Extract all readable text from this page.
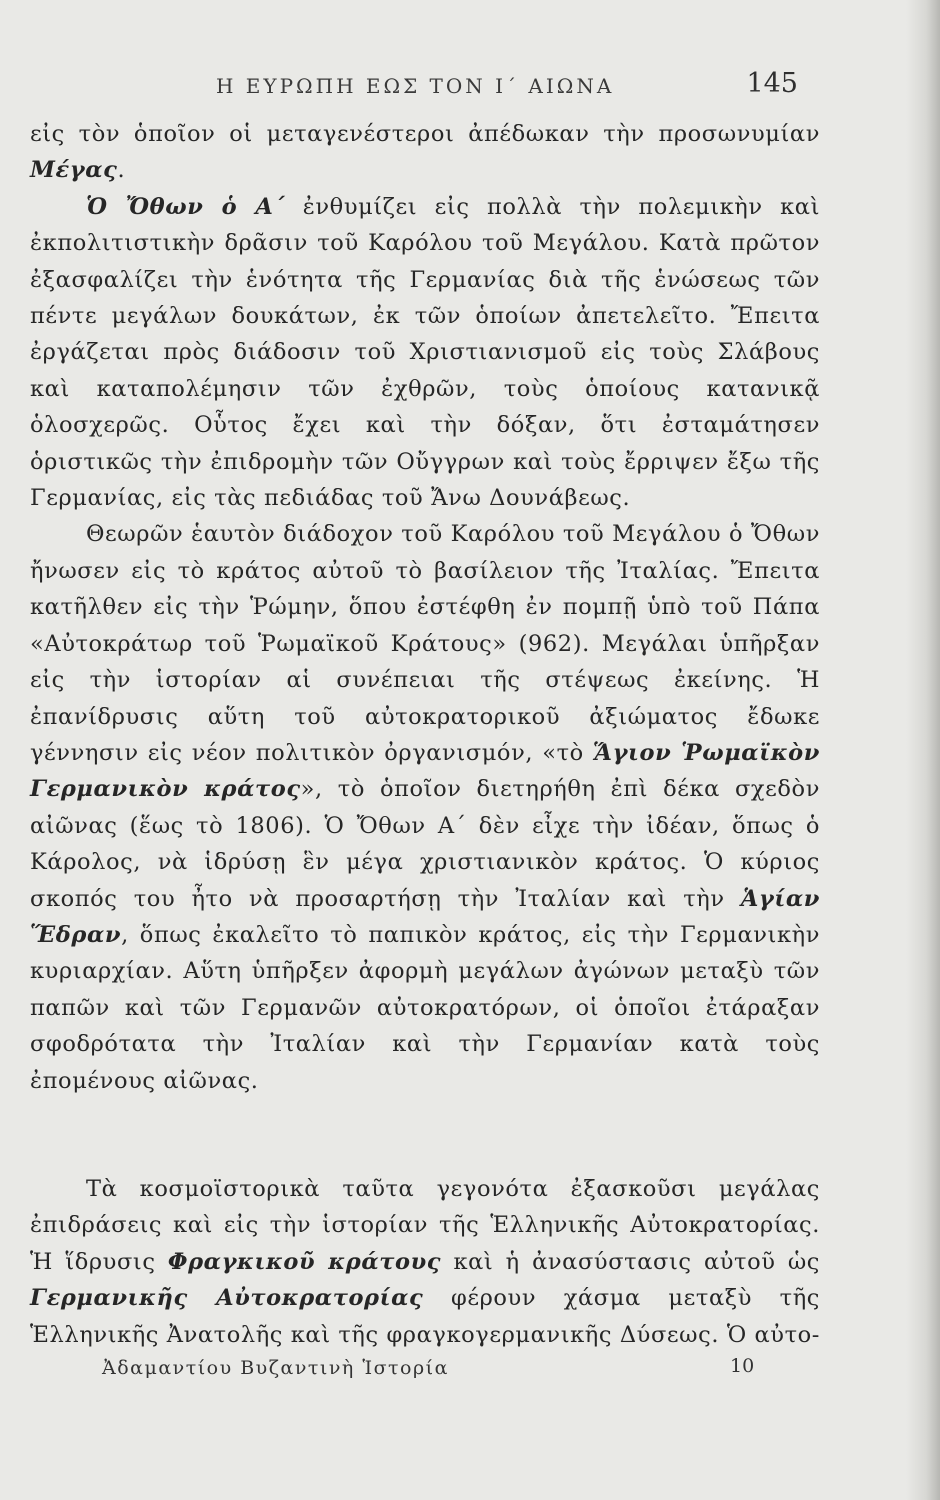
Η ΕΥΡΩΠΗ ΕΩΣ ΤΟΝ Ι΄ ΑΙΩΝΑ	145

εἰς τὸν ὁποῖον οἱ μεταγενέστεροι ἀπέδωκαν τὴν προσωνυμίαν Μέγας.

Ὁ Ὄθων ὁ Α΄ ἐνθυμίζει εἰς πολλὰ τὴν πολεμικὴν καὶ ἐκπολιτιστικὴν δρᾶσιν τοῦ Καρόλου τοῦ Μεγάλου. Κατὰ πρῶτον ἐξασφαλίζει τὴν ἑνότητα τῆς Γερμανίας διὰ τῆς ἑνώσεως τῶν πέντε μεγάλων δουκάτων, ἐκ τῶν ὁποίων ἀπετελεῖτο. Ἔπειτα ἐργάζεται πρὸς διάδοσιν τοῦ Χριστιανισμοῦ εἰς τοὺς Σλάβους καὶ καταπολέμησιν τῶν ἐχθρῶν, τοὺς ὁποίους κατανικᾷ ὁλοσχερῶς. Οὗτος ἔχει καὶ τὴν δόξαν, ὅτι ἐσταμάτησεν ὁριστικῶς τὴν ἐπιδρομὴν τῶν Οὔγγρων καὶ τοὺς ἔρριψεν ἔξω τῆς Γερμανίας, εἰς τὰς πεδιάδας τοῦ Ἄνω Δουνάβεως.

Θεωρῶν ἑαυτὸν διάδοχον τοῦ Καρόλου τοῦ Μεγάλου ὁ Ὄθων ἤνωσεν εἰς τὸ κράτος αὐτοῦ τὸ βασίλειον τῆς Ἰταλίας. Ἔπειτα κατῆλθεν εἰς τὴν Ῥώμην, ὅπου ἐστέφθη ἐν πομπῇ ὑπὸ τοῦ Πάπα «Αὐτοκράτωρ τοῦ Ῥωμαϊκοῦ Κράτους» (962). Μεγάλαι ὑπῆρξαν εἰς τὴν ἱστορίαν αἱ συνέπειαι τῆς στέψεως ἐκείνης. Ἡ ἐπανίδρυσις αὕτη τοῦ αὐτοκρατορικοῦ ἀξιώματος ἔδωκε γέννησιν εἰς νέον πολιτικὸν ὀργανισμόν, «τὸ Ἅγιον Ῥωμαϊκὸν Γερμανικὸν κράτος», τὸ ὁποῖον διετηρήθη ἐπὶ δέκα σχεδὸν αἰῶνας (ἕως τὸ 1806). Ὁ Ὄθων Α΄ δὲν εἶχε τὴν ἰδέαν, ὅπως ὁ Κάρολος, νὰ ἱδρύσῃ ἓν μέγα χριστιανικὸν κράτος. Ὁ κύριος σκοπός του ἦτο νὰ προσαρτήσῃ τὴν Ἰταλίαν καὶ τὴν Ἁγίαν Ἕδραν, ὅπως ἐκαλεῖτο τὸ παπικὸν κράτος, εἰς τὴν Γερμανικὴν κυριαρχίαν. Αὕτη ὑπῆρξεν ἀφορμὴ μεγάλων ἀγώνων μεταξὺ τῶν παπῶν καὶ τῶν Γερμανῶν αὐτοκρατόρων, οἱ ὁποῖοι ἐτάραξαν σφοδρότατα τὴν Ἰταλίαν καὶ τὴν Γερμανίαν κατὰ τοὺς ἐπομένους αἰῶνας.

Τὰ κοσμοϊστορικὰ ταῦτα γεγονότα ἐξασκοῦσι μεγάλας ἐπιδράσεις καὶ εἰς τὴν ἱστορίαν τῆς Ἑλληνικῆς Αὐτοκρατορίας. Ἡ ἵδρυσις Φραγκικοῦ κράτους καὶ ἡ ἀνασύστασις αὐτοῦ ὡς Γερμανικῆς Αὐτοκρατορίας φέρουν χάσμα μεταξὺ τῆς Ἑλληνικῆς Ἀνατολῆς καὶ τῆς φραγκογερμανικῆς Δύσεως. Ὁ αὐτο-

Ἀδαμαντίου Βυζαντινὴ Ἱστορία	10
